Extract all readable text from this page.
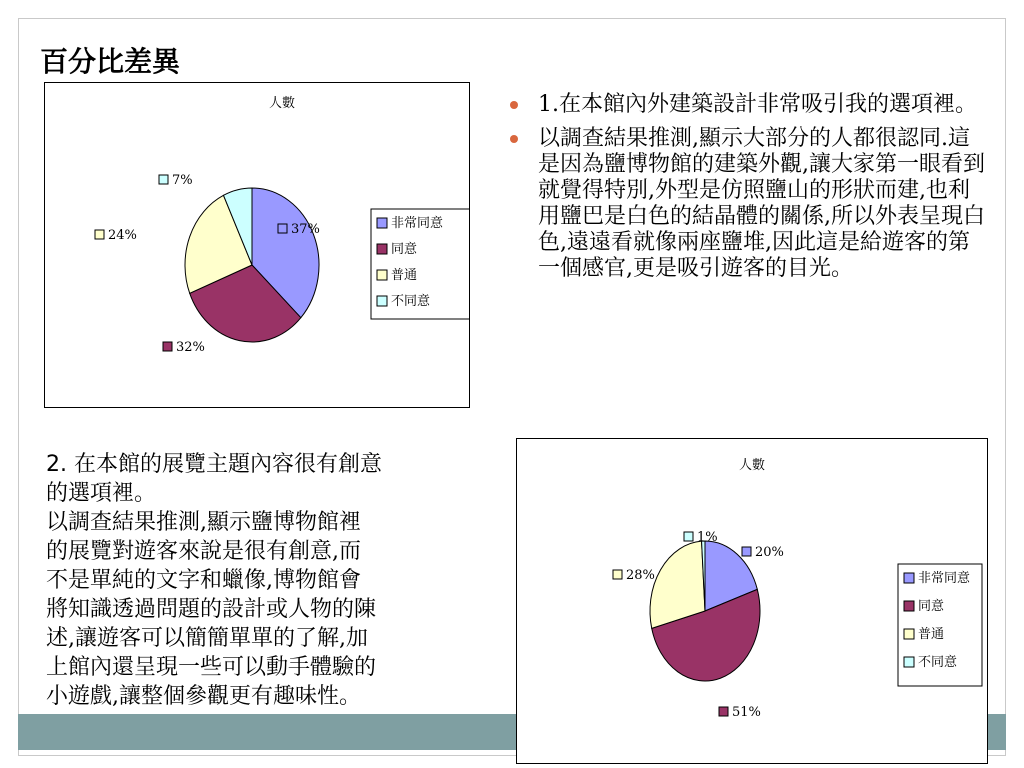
百分比差異
人數
37%
32%
24%
7%
非常同意
同意
普通
不同意
人數
20%
51%
28%
1%
非常同意
同意
普通
不同意
1.在本館內外建築設計非常吸引我的選項裡。
以調查結果推測,顯示大部分的人都很認同.這是因為鹽博物館的建築外觀,讓大家第一眼看到就覺得特別,外型是仿照鹽山的形狀而建,也利用鹽巴是白色的結晶體的關係,所以外表呈現白色,遠遠看就像兩座鹽堆,因此這是給遊客的第一個感官,更是吸引遊客的目光。
2. 在本館的展覽主題內容很有創意
的選項裡。
以調查結果推測,顯示鹽博物館裡
的展覽對遊客來說是很有創意,而
不是單純的文字和蠟像,博物館會
將知識透過問題的設計或人物的陳
述,讓遊客可以簡簡單單的了解,加
上館內還呈現一些可以動手體驗的
小遊戲,讓整個參觀更有趣味性。
